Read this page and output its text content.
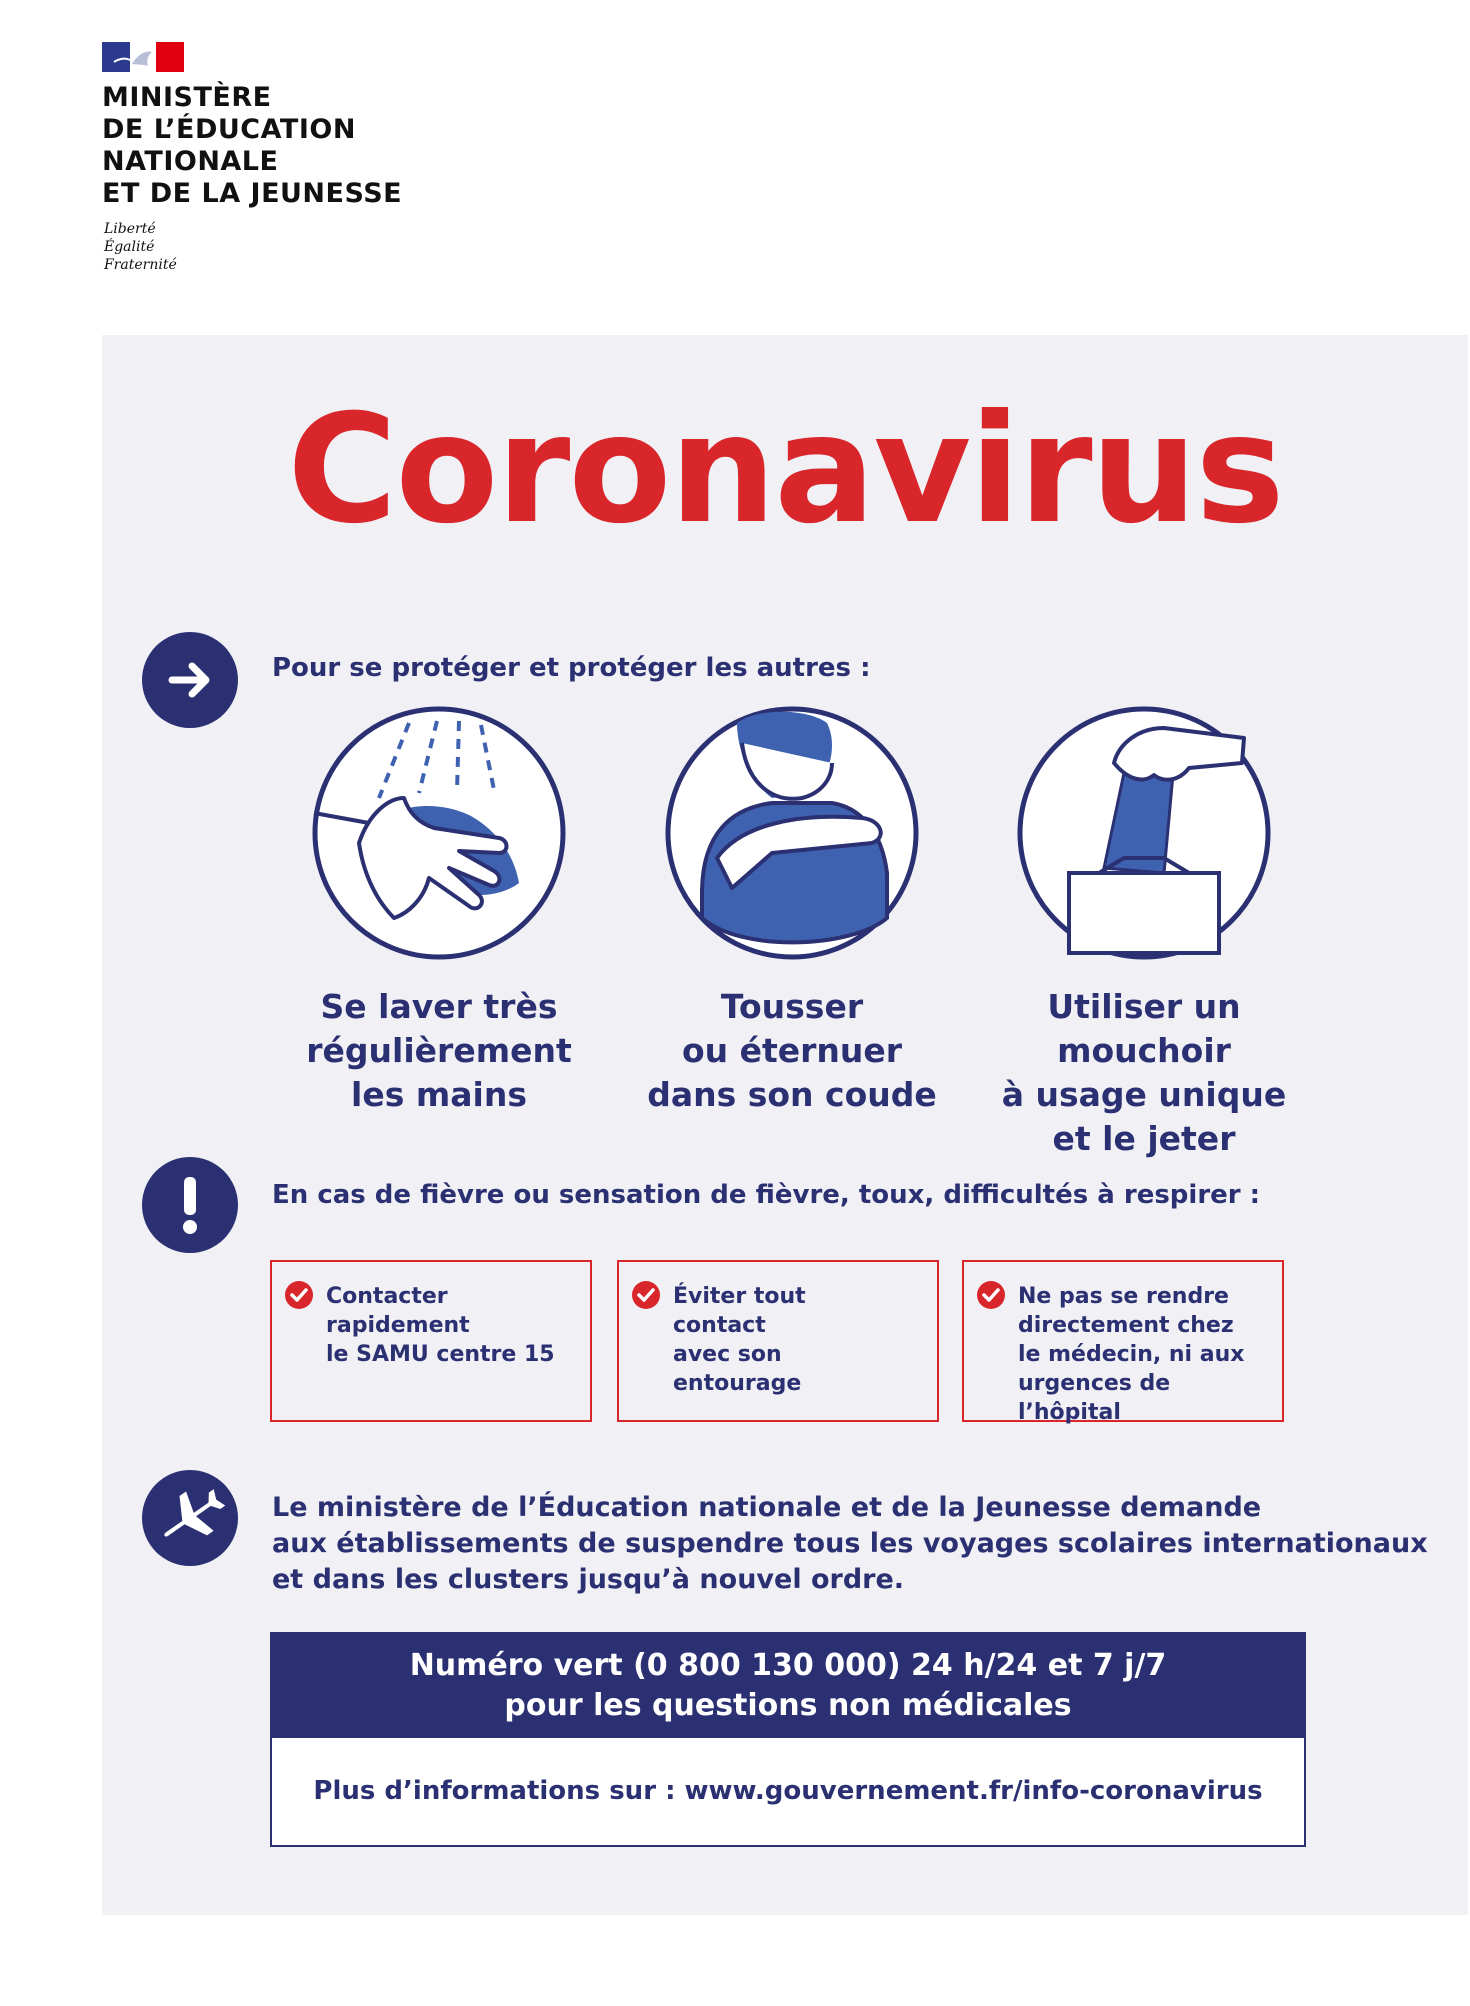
MINISTÈRE
DE L’ÉDUCATION
NATIONALE
ET DE LA JEUNESSE
Liberté
Égalité
Fraternité
Coronavirus

Pour se protéger et protéger les autres :

Se laver très
régulièrement
les mains
Tousser
ou éternuer
dans son coude
Utiliser un
mouchoir
à usage unique
et le jeter

En cas de fièvre ou sensation de fièvre, toux, difficultés à respirer :

Contacter
rapidement
le SAMU centre 15
Éviter tout
contact
avec son
entourage
Ne pas se rendre
directement chez
le médecin, ni aux
urgences de l’hôpital
Le ministère de l’Éducation nationale et de la Jeunesse demande
aux établissements de suspendre tous les voyages scolaires internationaux
et dans les clusters jusqu’à nouvel ordre.
Numéro vert (0 800 130 000) 24 h/24 et 7 j/7
pour les questions non médicales
Plus d’informations sur : www.gouvernement.fr/info-coronavirus
